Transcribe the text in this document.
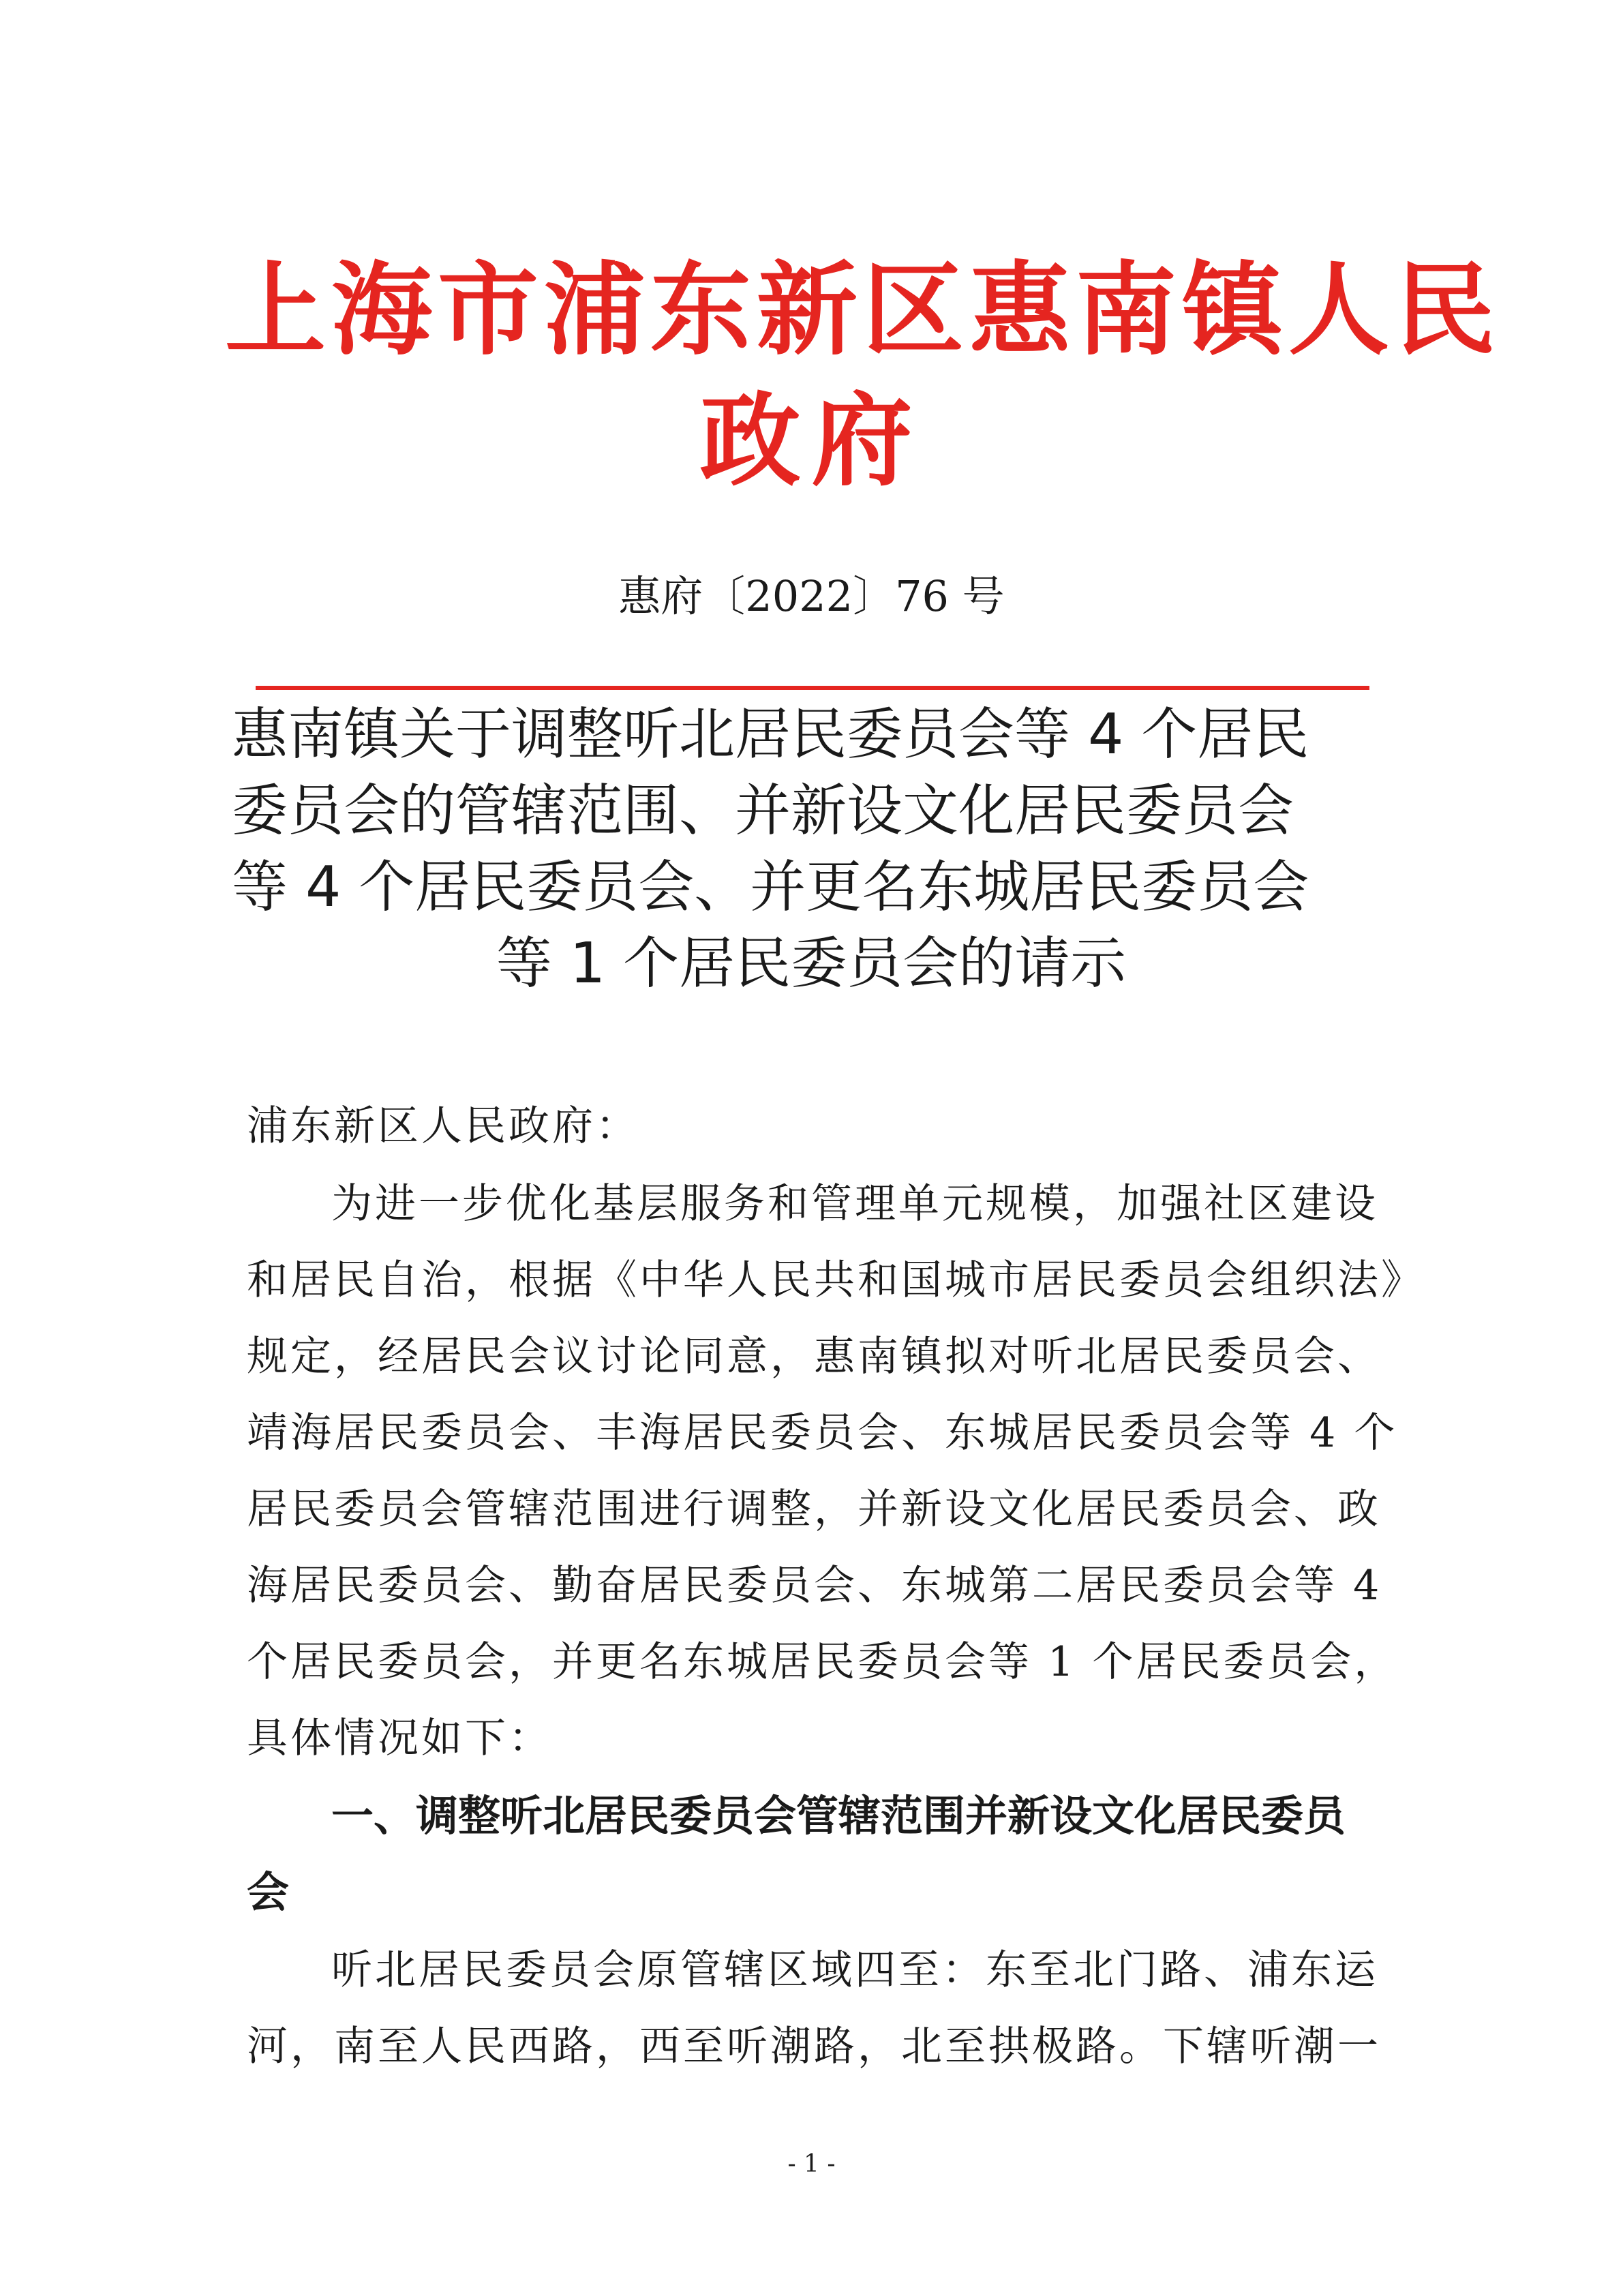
上海市浦东新区惠南镇人民
政府
惠府〔2022〕76 号
惠南镇关于调整听北居民委员会等 4 个居民
委员会的管辖范围、并新设文化居民委员会
等 4 个居民委员会、并更名东城居民委员会
等 1 个居民委员会的请示
浦东新区人民政府：
为进一步优化基层服务和管理单元规模，加强社区建设
和居民自治，根据《中华人民共和国城市居民委员会组织法》
规定，经居民会议讨论同意，惠南镇拟对听北居民委员会、
靖海居民委员会、丰海居民委员会、东城居民委员会等 4 个
居民委员会管辖范围进行调整，并新设文化居民委员会、政
海居民委员会、勤奋居民委员会、东城第二居民委员会等 4
个居民委员会，并更名东城居民委员会等 1 个居民委员会，
具体情况如下：
一、调整听北居民委员会管辖范围并新设文化居民委员
会
听北居民委员会原管辖区域四至：东至北门路、浦东运
河，南至人民西路，西至听潮路，北至拱极路。下辖听潮一
- 1 -
